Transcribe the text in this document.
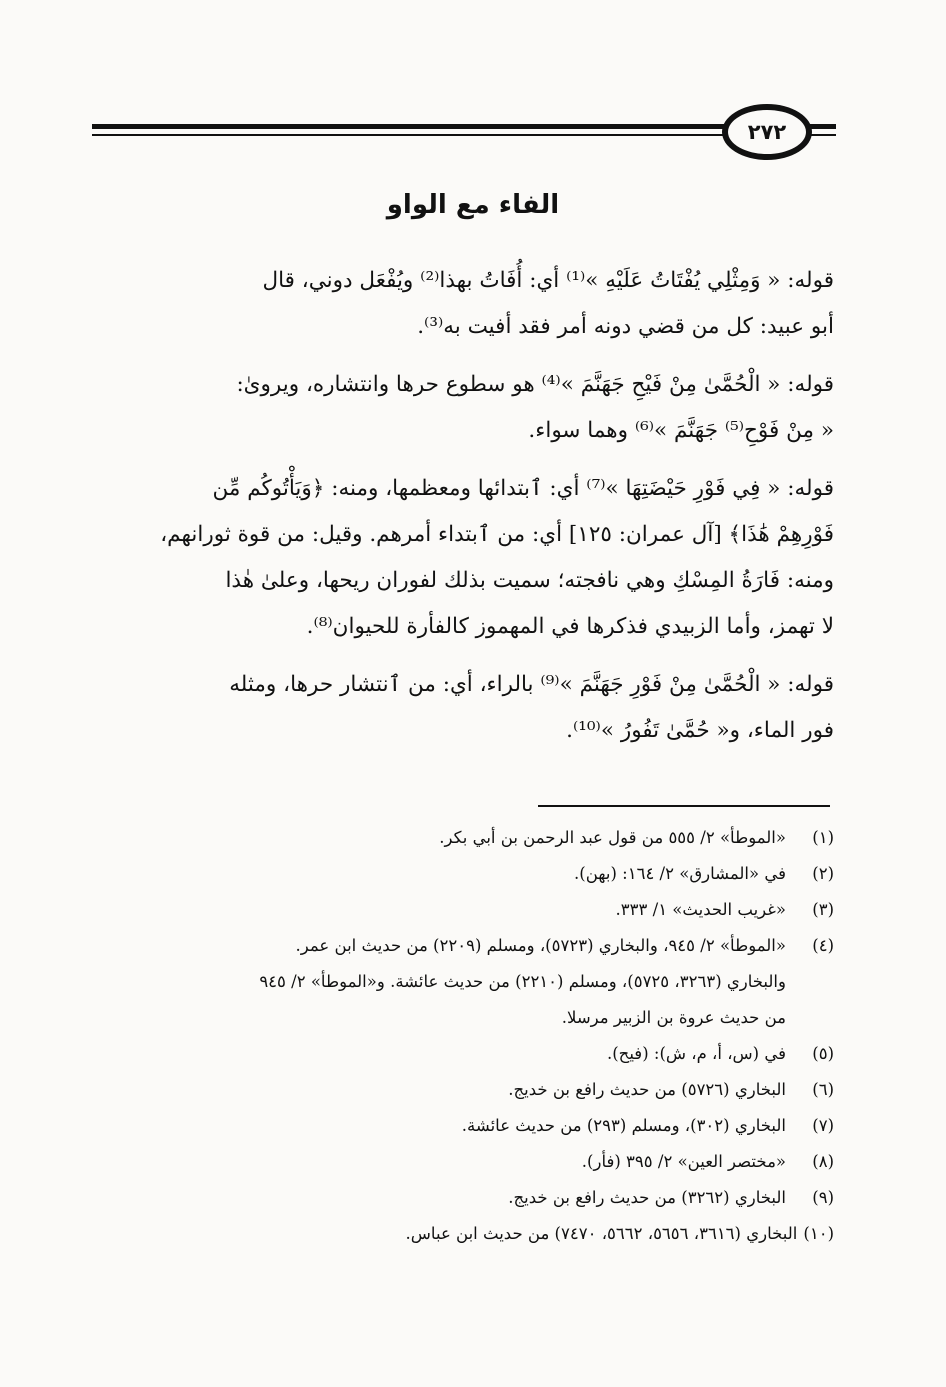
٢٧٢
الفاء مع الواو

قوله: « وَمِثْلِي يُفْتَاتُ عَلَيْهِ »⁽¹⁾ أي: أُفَاتُ بهذا⁽²⁾ ويُفْعَل دوني، قال

أبو عبيد: كل من قضي دونه أمر فقد أفيت به⁽³⁾.

قوله: « الْحُمَّىٰ مِنْ فَيْحِ جَهَنَّمَ »⁽⁴⁾ هو سطوع حرها وانتشاره، ويروىٰ:

« مِنْ فَوْحِ⁽⁵⁾ جَهَنَّمَ »⁽⁶⁾ وهما سواء.

قوله: « فِي فَوْرِ حَيْضَتِهَا »⁽⁷⁾ أي: ٱبتدائها ومعظمها، ومنه: ﴿وَيَأْتُوكُم مِّن

فَوْرِهِمْ هَٰذَا﴾ [آل عمران: ١٢٥] أي: من ٱبتداء أمرهم. وقيل: من قوة ثورانهم،

ومنه: فَارَةُ المِسْكِ وهي نافجته؛ سميت بذلك لفوران ريحها، وعلىٰ هٰذا

لا تهمز، وأما الزبيدي فذكرها في المهموز كالفأرة للحيوان⁽⁸⁾.

قوله: « الْحُمَّىٰ مِنْ فَوْرِ جَهَنَّمَ »⁽⁹⁾ بالراء، أي: من ٱنتشار حرها، ومثله

فور الماء، و« حُمَّىٰ تَفُورُ »⁽¹⁰⁾.

(١)
«الموطأ» ٢/ ٥٥٥ من قول عبد الرحمن بن أبي بكر.
(٢)
في «المشارق» ٢/ ١٦٤: (بهن).
(٣)
«غريب الحديث» ١/ ٣٣٣.
(٤)
«الموطأ» ٢/ ٩٤٥، والبخاري (٥٧٢٣)، ومسلم (٢٢٠٩) من حديث ابن عمر.
والبخاري (٣٢٦٣، ٥٧٢٥)، ومسلم (٢٢١٠) من حديث عائشة. و«الموطأ» ٢/ ٩٤٥
من حديث عروة بن الزبير مرسلا.
(٥)
في (س، أ، م، ش): (فيح).
(٦)
البخاري (٥٧٢٦) من حديث رافع بن خديج.
(٧)
البخاري (٣٠٢)، ومسلم (٢٩٣) من حديث عائشة.
(٨)
«مختصر العين» ٢/ ٣٩٥ (فأر).
(٩)
البخاري (٣٢٦٢) من حديث رافع بن خديج.
(١٠)
البخاري (٣٦١٦، ٥٦٥٦، ٥٦٦٢، ٧٤٧٠) من حديث ابن عباس.
